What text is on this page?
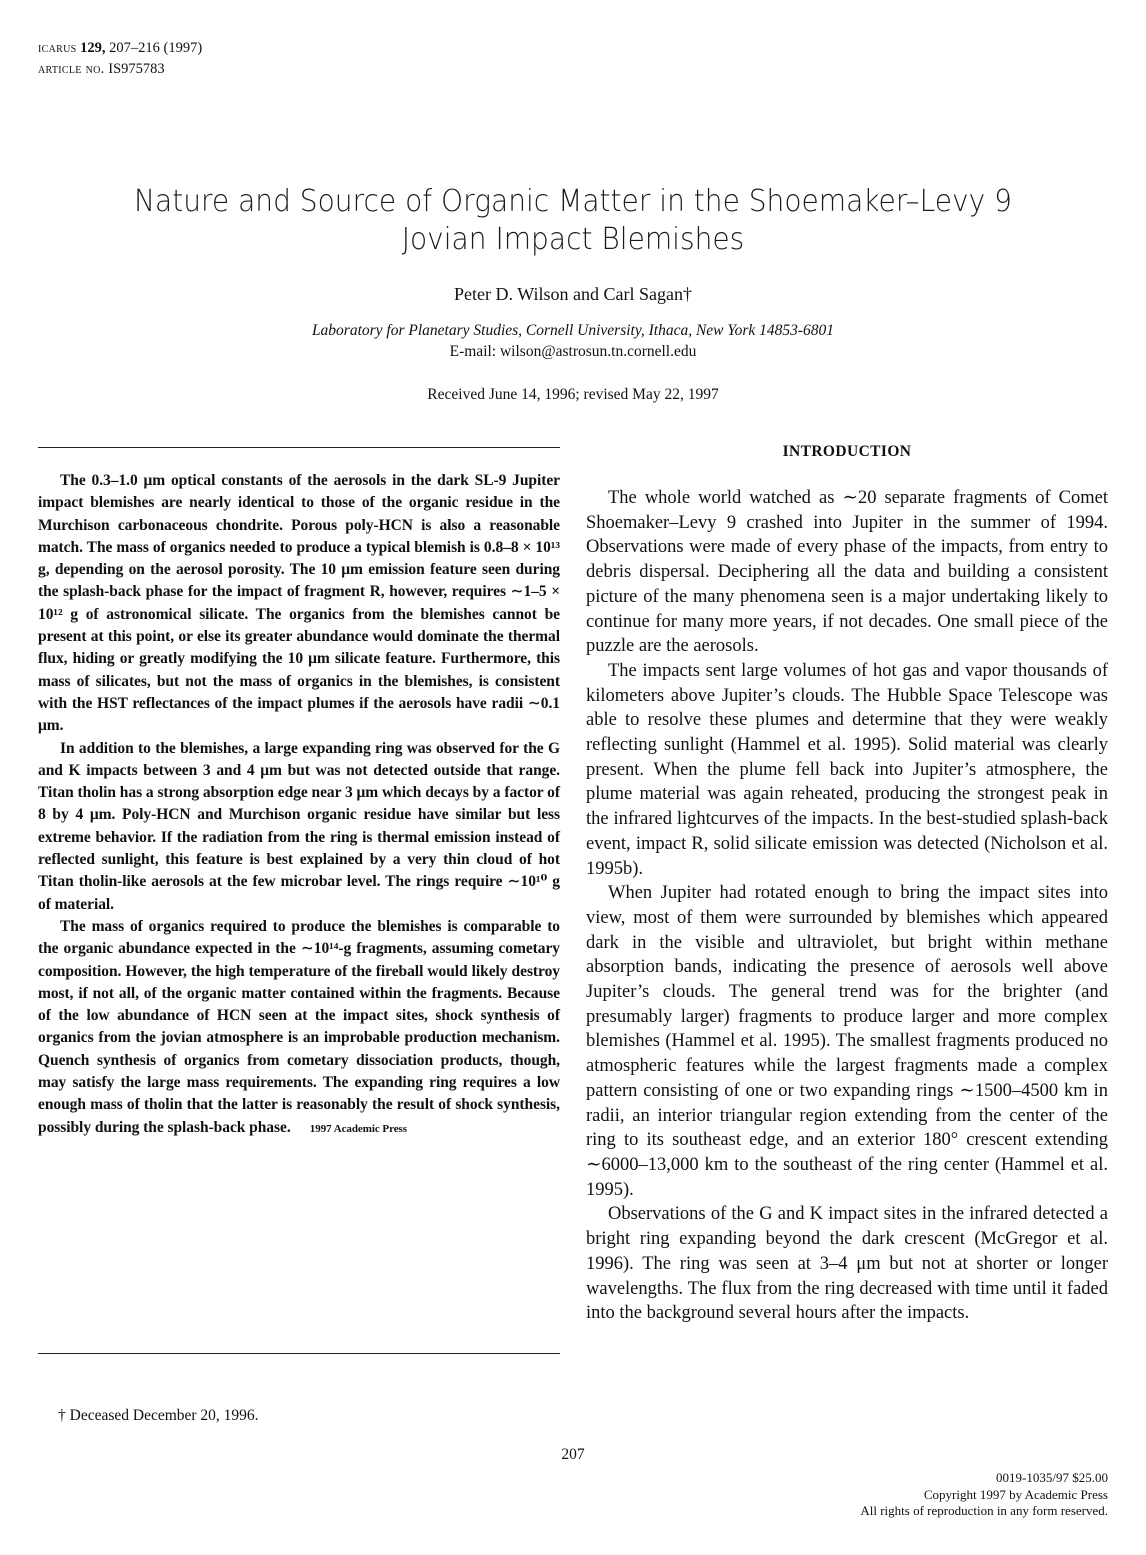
icarus 129, 207–216 (1997)
article no. IS975783
Nature and Source of Organic Matter in the Shoemaker–Levy 9
Jovian Impact Blemishes
Peter D. Wilson and Carl Sagan†
Laboratory for Planetary Studies, Cornell University, Ithaca, New York 14853-6801
E-mail: wilson@astrosun.tn.cornell.edu
Received June 14, 1996; revised May 22, 1997

The 0.3–1.0 μm optical constants of the aerosols in the dark SL-9 Jupiter impact blemishes are nearly identical to those of the organic residue in the Murchison carbonaceous chondrite. Porous poly-HCN is also a reasonable match. The mass of organics needed to produce a typical blemish is 0.8–8 × 10¹³ g, depending on the aerosol porosity. The 10 μm emission feature seen during the splash-back phase for the impact of fragment R, however, requires ∼1–5 × 10¹² g of astronomical silicate. The organics from the blemishes cannot be present at this point, or else its greater abundance would dominate the thermal flux, hiding or greatly modifying the 10 μm silicate feature. Furthermore, this mass of silicates, but not the mass of organics in the blemishes, is consistent with the HST reflectances of the impact plumes if the aerosols have radii ∼0.1 μm.

In addition to the blemishes, a large expanding ring was observed for the G and K impacts between 3 and 4 μm but was not detected outside that range. Titan tholin has a strong absorption edge near 3 μm which decays by a factor of 8 by 4 μm. Poly-HCN and Murchison organic residue have similar but less extreme behavior. If the radiation from the ring is thermal emission instead of reflected sunlight, this feature is best explained by a very thin cloud of hot Titan tholin-like aerosols at the few microbar level. The rings require ∼10¹⁰ g of material.

The mass of organics required to produce the blemishes is comparable to the organic abundance expected in the ∼10¹⁴-g fragments, assuming cometary composition. However, the high temperature of the fireball would likely destroy most, if not all, of the organic matter contained within the fragments. Because of the low abundance of HCN seen at the impact sites, shock synthesis of organics from the jovian atmosphere is an improbable production mechanism. Quench synthesis of organics from cometary dissociation products, though, may satisfy the large mass requirements. The expanding ring requires a low enough mass of tholin that the latter is reasonably the result of shock synthesis, possibly during the splash-back phase. 1997 Academic Press

† Deceased December 20, 1996.
INTRODUCTION

The whole world watched as ∼20 separate fragments of Comet Shoemaker–Levy 9 crashed into Jupiter in the summer of 1994. Observations were made of every phase of the impacts, from entry to debris dispersal. Deciphering all the data and building a consistent picture of the many phenomena seen is a major undertaking likely to continue for many more years, if not decades. One small piece of the puzzle are the aerosols.

The impacts sent large volumes of hot gas and vapor thousands of kilometers above Jupiter’s clouds. The Hubble Space Telescope was able to resolve these plumes and determine that they were weakly reflecting sunlight (Hammel et al. 1995). Solid material was clearly present. When the plume fell back into Jupiter’s atmosphere, the plume material was again reheated, producing the strongest peak in the infrared lightcurves of the impacts. In the best-studied splash-back event, impact R, solid silicate emission was detected (Nicholson et al. 1995b).

When Jupiter had rotated enough to bring the impact sites into view, most of them were surrounded by blemishes which appeared dark in the visible and ultraviolet, but bright within methane absorption bands, indicating the presence of aerosols well above Jupiter’s clouds. The general trend was for the brighter (and presumably larger) fragments to produce larger and more complex blemishes (Hammel et al. 1995). The smallest fragments produced no atmospheric features while the largest fragments made a complex pattern consisting of one or two expanding rings ∼1500–4500 km in radii, an interior triangular region extending from the center of the ring to its southeast edge, and an exterior 180° crescent extending ∼6000–13,000 km to the southeast of the ring center (Hammel et al. 1995).

Observations of the G and K impact sites in the infrared detected a bright ring expanding beyond the dark crescent (McGregor et al. 1996). The ring was seen at 3–4 μm but not at shorter or longer wavelengths. The flux from the ring decreased with time until it faded into the background several hours after the impacts.

207
0019-1035/97 $25.00
Copyright 1997 by Academic Press
All rights of reproduction in any form reserved.
